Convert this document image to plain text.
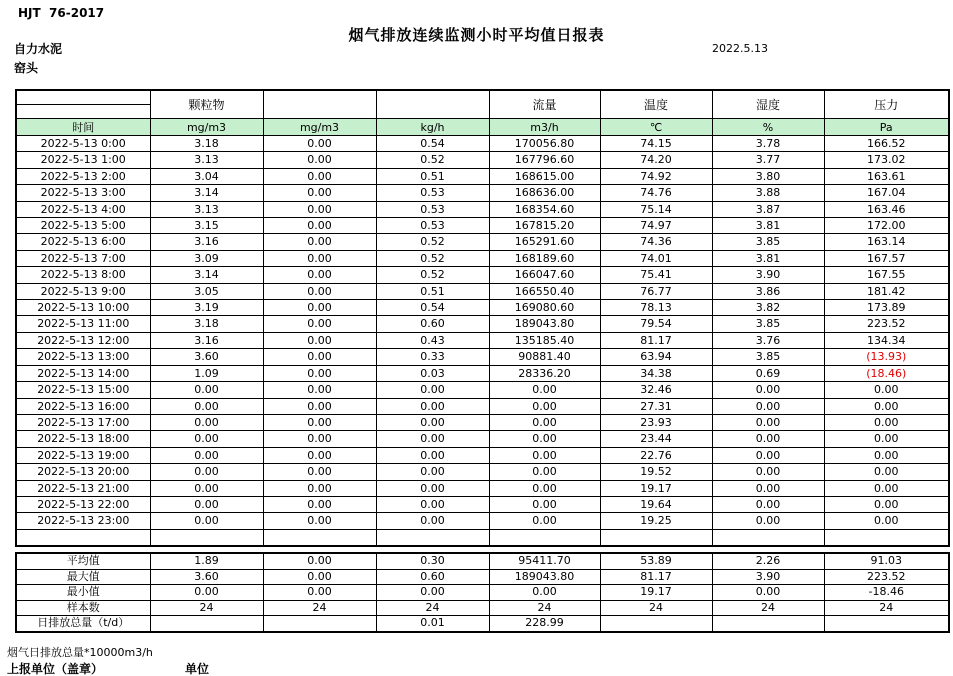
HJT  76-2017
烟气排放连续监测小时平均值日报表
自力水泥
窑头
2022.5.13
	颗粒物			流量	温度	湿度	压力

时间	mg/m3	mg/m3	kg/h	m3/h	℃	%	Pa
2022-5-13 0:00	3.18	0.00	0.54	170056.80	74.15	3.78	166.52
2022-5-13 1:00	3.13	0.00	0.52	167796.60	74.20	3.77	173.02
2022-5-13 2:00	3.04	0.00	0.51	168615.00	74.92	3.80	163.61
2022-5-13 3:00	3.14	0.00	0.53	168636.00	74.76	3.88	167.04
2022-5-13 4:00	3.13	0.00	0.53	168354.60	75.14	3.87	163.46
2022-5-13 5:00	3.15	0.00	0.53	167815.20	74.97	3.81	172.00
2022-5-13 6:00	3.16	0.00	0.52	165291.60	74.36	3.85	163.14
2022-5-13 7:00	3.09	0.00	0.52	168189.60	74.01	3.81	167.57
2022-5-13 8:00	3.14	0.00	0.52	166047.60	75.41	3.90	167.55
2022-5-13 9:00	3.05	0.00	0.51	166550.40	76.77	3.86	181.42
2022-5-13 10:00	3.19	0.00	0.54	169080.60	78.13	3.82	173.89
2022-5-13 11:00	3.18	0.00	0.60	189043.80	79.54	3.85	223.52
2022-5-13 12:00	3.16	0.00	0.43	135185.40	81.17	3.76	134.34
2022-5-13 13:00	3.60	0.00	0.33	90881.40	63.94	3.85	(13.93)
2022-5-13 14:00	1.09	0.00	0.03	28336.20	34.38	0.69	(18.46)
2022-5-13 15:00	0.00	0.00	0.00	0.00	32.46	0.00	0.00
2022-5-13 16:00	0.00	0.00	0.00	0.00	27.31	0.00	0.00
2022-5-13 17:00	0.00	0.00	0.00	0.00	23.93	0.00	0.00
2022-5-13 18:00	0.00	0.00	0.00	0.00	23.44	0.00	0.00
2022-5-13 19:00	0.00	0.00	0.00	0.00	22.76	0.00	0.00
2022-5-13 20:00	0.00	0.00	0.00	0.00	19.52	0.00	0.00
2022-5-13 21:00	0.00	0.00	0.00	0.00	19.17	0.00	0.00
2022-5-13 22:00	0.00	0.00	0.00	0.00	19.64	0.00	0.00
2022-5-13 23:00	0.00	0.00	0.00	0.00	19.25	0.00	0.00

平均值	1.89	0.00	0.30	95411.70	53.89	2.26	91.03
最大值	3.60	0.00	0.60	189043.80	81.17	3.90	223.52
最小值	0.00	0.00	0.00	0.00	19.17	0.00	-18.46
样本数	24	24	24	24	24	24	24
日排放总量（t/d）			0.01	228.99			
烟气日排放总量*10000m3/h
上报单位（盖章）	单位
